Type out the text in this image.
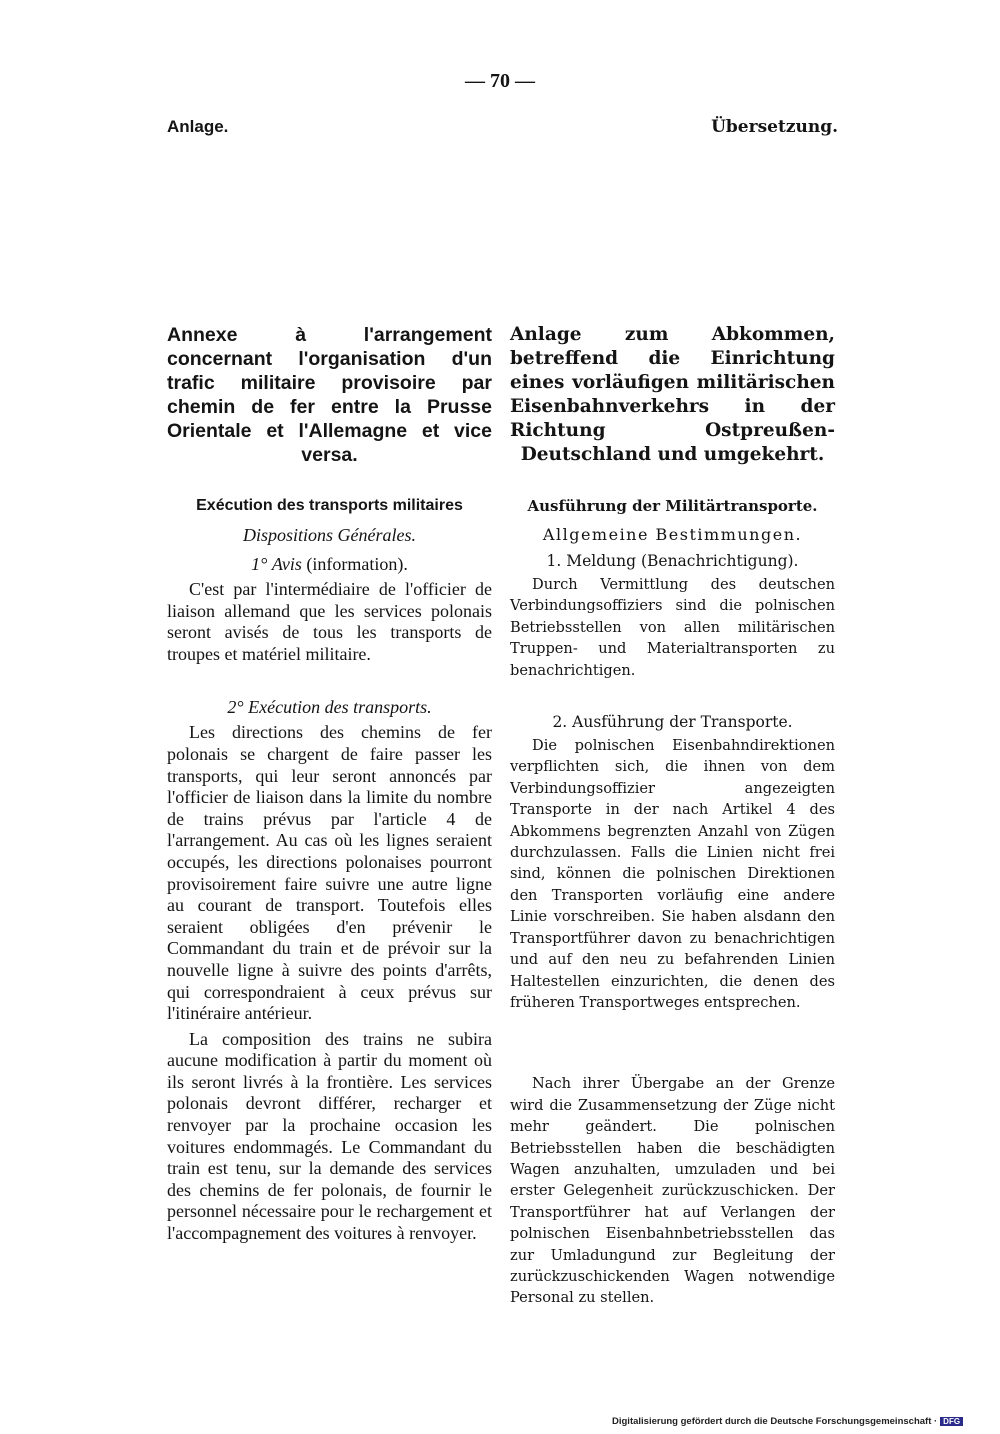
— 70 —
Anlage.	Übersetzung.

Annexe à l'arrangement concernant l'organisation d'un trafic militaire provisoire par chemin de fer entre la Prusse Orientale et l'Allemagne et vice versa.

Exécution des transports militaires
Dispositions Générales.
1° Avis (information).

C'est par l'intermédiaire de l'officier de liaison allemand que les services polonais seront avisés de tous les transports de troupes et matériel militaire.

2° Exécution des transports.

Les directions des chemins de fer polonais se chargent de faire passer les transports, qui leur seront annoncés par l'officier de liaison dans la limite du nombre de trains prévus par l'article 4 de l'arrangement. Au cas où les lignes seraient occupés, les directions polonaises pourront provisoirement faire suivre une autre ligne au courant de transport. Toutefois elles seraient obligées d'en prévenir le Commandant du train et de prévoir sur la nouvelle ligne à suivre des points d'arrêts, qui correspondraient à ceux prévus sur l'itinéraire antérieur.

La composition des trains ne subira aucune modification à partir du moment où ils seront livrés à la frontière. Les services polonais devront différer, recharger et renvoyer par la prochaine occasion les voitures endommagés. Le Commandant du train est tenu, sur la demande des services des chemins de fer polonais, de fournir le personnel nécessaire pour le rechargement et l'accompagnement des voitures à renvoyer.

Anlage zum Abkommen, betreffend die Einrichtung eines vorläufigen militärischen Eisenbahnverkehrs in der Richtung Ostpreußen-Deutschland und umgekehrt.

Ausführung der Militärtransporte.
Allgemeine Bestimmungen.
1. Meldung (Benachrichtigung).

Durch Vermittlung des deutschen Verbindungsoffiziers sind die polnischen Betriebsstellen von allen militärischen Truppen- und Materialtransporten zu benachrichtigen.

2. Ausführung der Transporte.

Die polnischen Eisenbahndirektionen verpflichten sich, die ihnen von dem Verbindungsoffizier angezeigten Transporte in der nach Artikel 4 des Abkommens begrenzten Anzahl von Zügen durchzulassen. Falls die Linien nicht frei sind, können die polnischen Direktionen den Transporten vorläufig eine andere Linie vorschreiben. Sie haben alsdann den Transportführer davon zu benachrichtigen und auf den neu zu befahrenden Linien Haltestellen einzurichten, die denen des früheren Transportweges entsprechen.

Nach ihrer Übergabe an der Grenze wird die Zusammensetzung der Züge nicht mehr geändert. Die polnischen Betriebsstellen haben die beschädigten Wagen anzuhalten, umzuladen und bei erster Gelegenheit zurückzuschicken. Der Transportführer hat auf Verlangen der polnischen Eisenbahnbetriebsstellen das zur Umladungund zur Begleitung der zurückzuschickenden Wagen notwendige Personal zu stellen.

Digitalisierung gefördert durch die Deutsche Forschungsgemeinschaft · DFG
